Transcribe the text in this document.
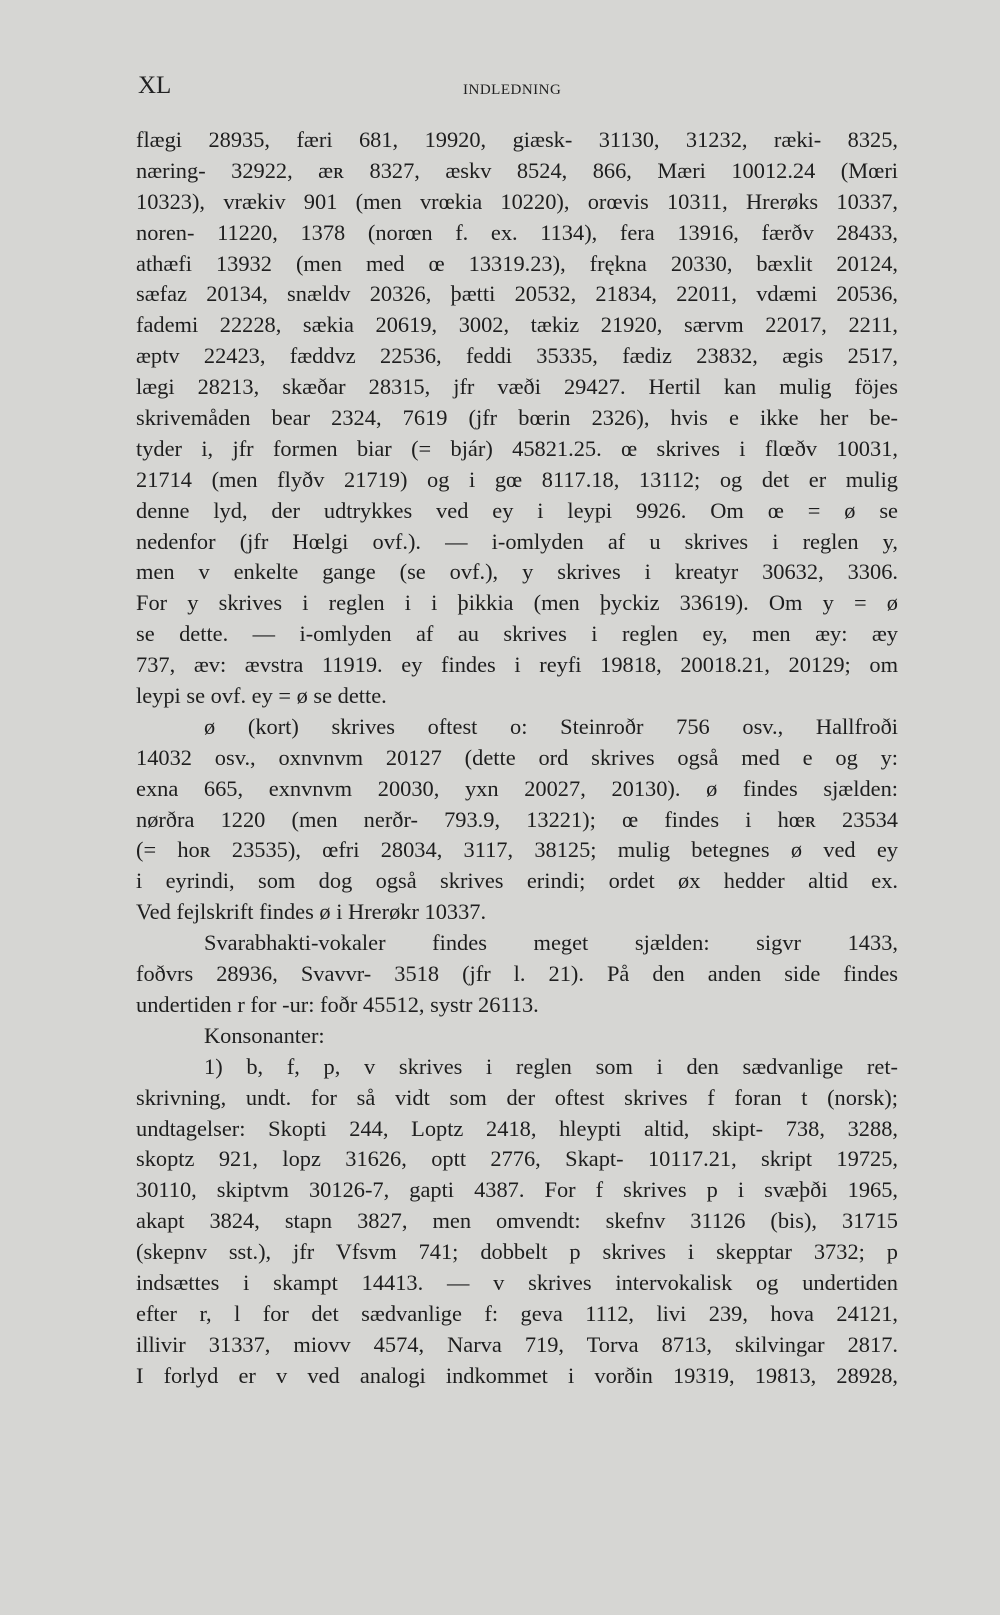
XL	INDLEDNING

flægi 28935, færi 681, 19920, giæsk- 31130, 31232, ræki- 8325,

næring- 32922, æʀ 8327, æskv 8524, 866, Mæri 10012.24 (Mœri

10323), vrækiv 901 (men vrœkia 10220), orœvis 10311, Hrerøks 10337,

noren- 11220, 1378 (norœn f. ex. 1134), fera 13916, færðv 28433,

athæfi 13932 (men med œ 13319.23), frękna 20330, bæxlit 20124,

sæfaz 20134, snældv 20326, þætti 20532, 21834, 22011, vdæmi 20536,

fademi 22228, sækia 20619, 3002, tækiz 21920, særvm 22017, 2211,

æptv 22423, fæddvz 22536, feddi 35335, fædiz 23832, ægis 2517,

lægi 28213, skæðar 28315, jfr væði 29427. Hertil kan mulig föjes

skrivemåden bear 2324, 7619 (jfr bœrin 2326), hvis e ikke her be-

tyder i, jfr formen biar (= bjár) 45821.25. œ skrives i flœðv 10031,

21714 (men flyðv 21719) og i gœ 8117.18, 13112; og det er mulig

denne lyd, der udtrykkes ved ey i leypi 9926. Om œ = ø se

nedenfor (jfr Hœlgi ovf.). — i-omlyden af u skrives i reglen y,

men v enkelte gange (se ovf.), y skrives i kreatyr 30632, 3306.

For y skrives i reglen i i þikkia (men þyckiz 33619). Om y = ø

se dette. — i-omlyden af au skrives i reglen ey, men æy: æy

737, æv: ævstra 11919. ey findes i reyfi 19818, 20018.21, 20129; om

leypi se ovf. ey = ø se dette.

ø (kort) skrives oftest o: Steinroðr 756 osv., Hallfroði

14032 osv., oxnvnvm 20127 (dette ord skrives også med e og y:

exna 665, exnvnvm 20030, yxn 20027, 20130). ø findes sjælden:

nørðra 1220 (men nerðr- 793.9, 13221); œ findes i hœʀ 23534

(= hoʀ 23535), œfri 28034, 3117, 38125; mulig betegnes ø ved ey

i eyrindi, som dog også skrives erindi; ordet øx hedder altid ex.

Ved fejlskrift findes ø i Hrerøkr 10337.

Svarabhakti-vokaler findes meget sjælden: sigvr 1433,

foðvrs 28936, Svavvr- 3518 (jfr l. 21). På den anden side findes

undertiden r for -ur: foðr 45512, systr 26113.

Konsonanter:

1) b, f, p, v skrives i reglen som i den sædvanlige ret-

skrivning, undt. for så vidt som der oftest skrives f foran t (norsk);

undtagelser: Skopti 244, Loptz 2418, hleypti altid, skipt- 738, 3288,

skoptz 921, lopz 31626, optt 2776, Skapt- 10117.21, skript 19725,

30110, skiptvm 30126-7, gapti 4387. For f skrives p i svæþði 1965,

akapt 3824, stapn 3827, men omvendt: skefnv 31126 (bis), 31715

(skepnv sst.), jfr Vfsvm 741; dobbelt p skrives i skepptar 3732; p

indsættes i skampt 14413. — v skrives intervokalisk og undertiden

efter r, l for det sædvanlige f: geva 1112, livi 239, hova 24121,

illivir 31337, miovv 4574, Narva 719, Torva 8713, skilvingar 2817.

I forlyd er v ved analogi indkommet i vorðin 19319, 19813, 28928,
